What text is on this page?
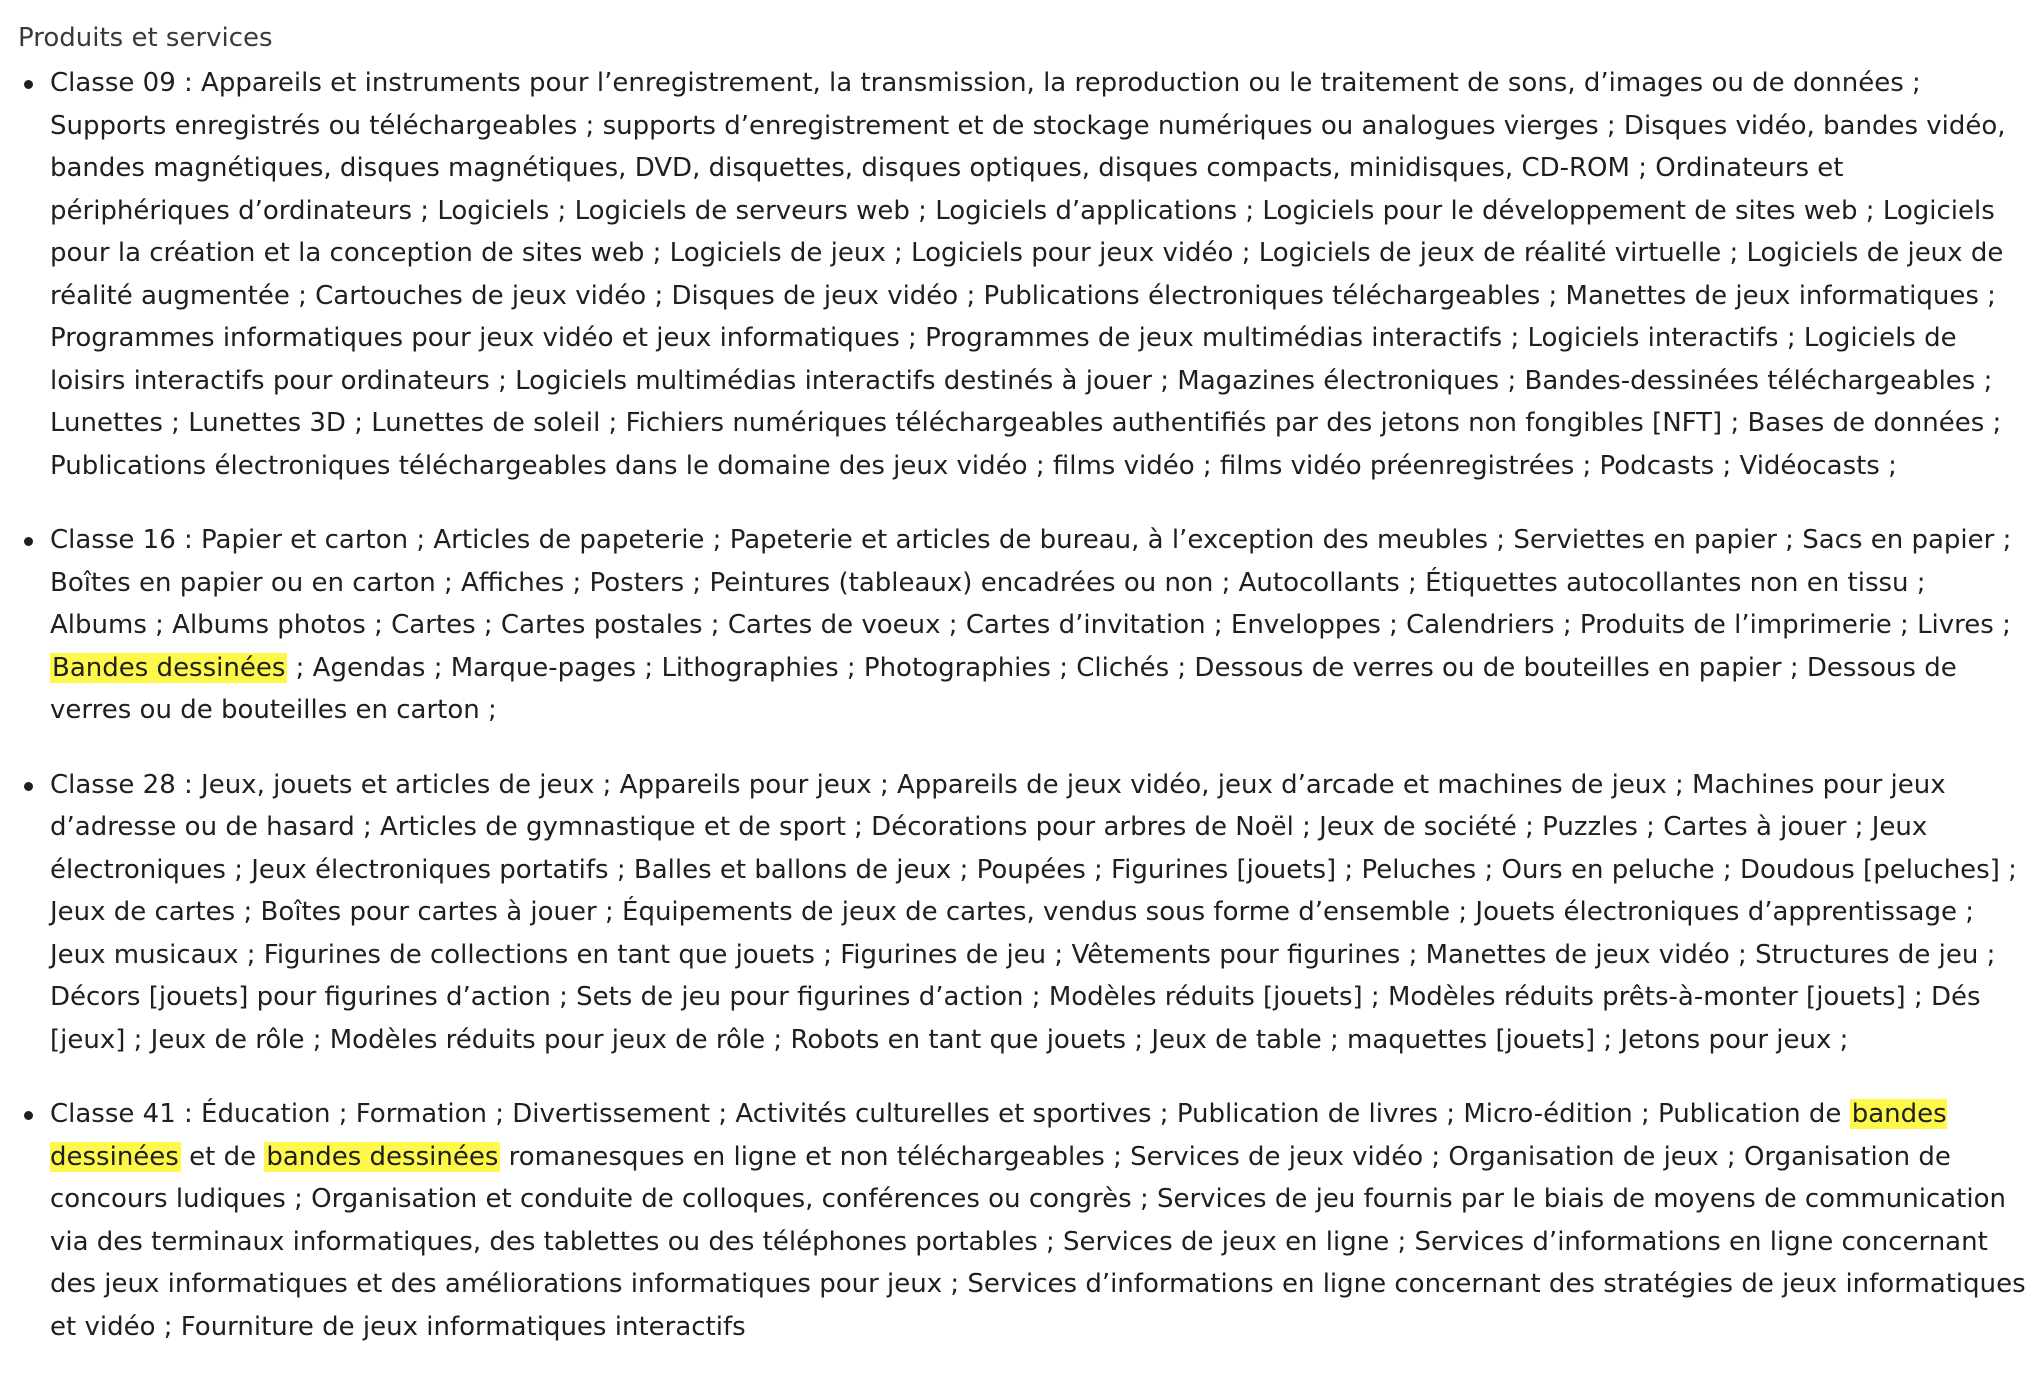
Produits et services
Classe 09 : Appareils et instruments pour l’enregistrement, la transmission, la reproduction ou le traitement de sons, d’images ou de données ; Supports enregistrés ou téléchargeables ; supports d’enregistrement et de stockage numériques ou analogues vierges ; Disques vidéo, bandes vidéo, bandes magnétiques, disques magnétiques, DVD, disquettes, disques optiques, disques compacts, minidisques, CD-ROM ; Ordinateurs et périphériques d’ordinateurs ; Logiciels ; Logiciels de serveurs web ; Logiciels d’applications ; Logiciels pour le développement de sites web ; Logiciels pour la création et la conception de sites web ; Logiciels de jeux ; Logiciels pour jeux vidéo ; Logiciels de jeux de réalité virtuelle ; Logiciels de jeux de réalité augmentée ; Cartouches de jeux vidéo ; Disques de jeux vidéo ; Publications électroniques téléchargeables ; Manettes de jeux informatiques ; Programmes informatiques pour jeux vidéo et jeux informatiques ; Programmes de jeux multimédias interactifs ; Logiciels interactifs ; Logiciels de loisirs interactifs pour ordinateurs ; Logiciels multimédias interactifs destinés à jouer ; Magazines électroniques ; Bandes-dessinées téléchargeables ; Lunettes ; Lunettes 3D ; Lunettes de soleil ; Fichiers numériques téléchargeables authentifiés par des jetons non fongibles [NFT] ; Bases de données ; Publications électroniques téléchargeables dans le domaine des jeux vidéo ; films vidéo ; films vidéo préenregistrées ; Podcasts ; Vidéocasts ;
Classe 16 : Papier et carton ; Articles de papeterie ; Papeterie et articles de bureau, à l’exception des meubles ; Serviettes en papier ; Sacs en papier ; Boîtes en papier ou en carton ; Affiches ; Posters ; Peintures (tableaux) encadrées ou non ; Autocollants ; Étiquettes autocollantes non en tissu ; Albums ; Albums photos ; Cartes ; Cartes postales ; Cartes de voeux ; Cartes d’invitation ; Enveloppes ; Calendriers ; Produits de l’imprimerie ; Livres ; Bandes dessinées ; Agendas ; Marque-pages ; Lithographies ; Photographies ; Clichés ; Dessous de verres ou de bouteilles en papier ; Dessous de verres ou de bouteilles en carton ;
Classe 28 : Jeux, jouets et articles de jeux ; Appareils pour jeux ; Appareils de jeux vidéo, jeux d’arcade et machines de jeux ; Machines pour jeux d’adresse ou de hasard ; Articles de gymnastique et de sport ; Décorations pour arbres de Noël ; Jeux de société ; Puzzles ; Cartes à jouer ; Jeux électroniques ; Jeux électroniques portatifs ; Balles et ballons de jeux ; Poupées ; Figurines [jouets] ; Peluches ; Ours en peluche ; Doudous [peluches] ; Jeux de cartes ; Boîtes pour cartes à jouer ; Équipements de jeux de cartes, vendus sous forme d’ensemble ; Jouets électroniques d’apprentissage ; Jeux musicaux ; Figurines de collections en tant que jouets ; Figurines de jeu ; Vêtements pour figurines ; Manettes de jeux vidéo ; Structures de jeu ; Décors [jouets] pour figurines d’action ; Sets de jeu pour figurines d’action ; Modèles réduits [jouets] ; Modèles réduits prêts-à-monter [jouets] ; Dés [jeux] ; Jeux de rôle ; Modèles réduits pour jeux de rôle ; Robots en tant que jouets ; Jeux de table ; maquettes [jouets] ; Jetons pour jeux ;
Classe 41 : Éducation ; Formation ; Divertissement ; Activités culturelles et sportives ; Publication de livres ; Micro-édition ; Publication de bandes dessinées et de bandes dessinées romanesques en ligne et non téléchargeables ; Services de jeux vidéo ; Organisation de jeux ; Organisation de concours ludiques ; Organisation et conduite de colloques, conférences ou congrès ; Services de jeu fournis par le biais de moyens de communication via des terminaux informatiques, des tablettes ou des téléphones portables ; Services de jeux en ligne ; Services d’informations en ligne concernant des jeux informatiques et des améliorations informatiques pour jeux ; Services d’informations en ligne concernant des stratégies de jeux informatiques et vidéo ; Fourniture de jeux informatiques interactifs
